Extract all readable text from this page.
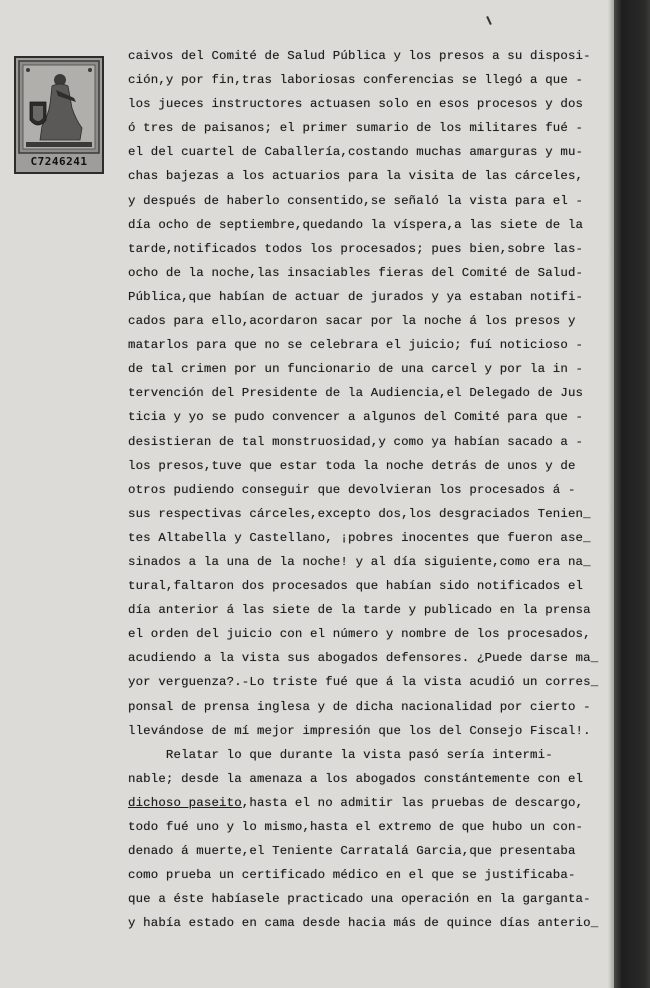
C7246241
caivos del Comité de Salud Pública y los presos a su disposi-
ción,y por fin,tras laboriosas conferencias se llegó a que -
los jueces instructores actuasen solo en esos procesos y dos
ó tres de paisanos; el primer sumario de los militares fué -
el del cuartel de Caballería,costando muchas amarguras y mu-
chas bajezas a los actuarios para la visita de las cárceles,
y después de haberlo consentido,se señaló la vista para el -
día ocho de septiembre,quedando la víspera,a las siete de la
tarde,notificados todos los procesados; pues bien,sobre las-
ocho de la noche,las insaciables fieras del Comité de Salud-
Pública,que habían de actuar de jurados y ya estaban notifi-
cados para ello,acordaron sacar por la noche á los presos y
matarlos para que no se celebrara el juicio; fuí noticioso -
de tal crimen por un funcionario de una carcel y por la in -
tervención del Presidente de la Audiencia,el Delegado de Jus
ticia y yo se pudo convencer a algunos del Comité para que -
desistieran de tal monstruosidad,y como ya habían sacado a -
los presos,tuve que estar toda la noche detrás de unos y de
otros pudiendo conseguir que devolvieran los procesados á -
sus respectivas cárceles,excepto dos,los desgraciados Tenien_
tes Altabella y Castellano, ¡pobres inocentes que fueron ase_
sinados a la una de la noche! y al día siguiente,como era na_
tural,faltaron dos procesados que habían sido notificados el
día anterior á las siete de la tarde y publicado en la prensa
el orden del juicio con el número y nombre de los procesados,
acudiendo a la vista sus abogados defensores. ¿Puede darse ma_
yor verguenza?.-Lo triste fué que á la vista acudió un corres_
ponsal de prensa inglesa y de dicha nacionalidad por cierto -
llevándose de mí mejor impresión que los del Consejo Fiscal!.
Relatar lo que durante la vista pasó sería intermi-
nable; desde la amenaza a los abogados constántemente con el
dichoso paseito,hasta el no admitir las pruebas de descargo,
todo fué uno y lo mismo,hasta el extremo de que hubo un con-
denado á muerte,el Teniente Carratalá Garcia,que presentaba
como prueba un certificado médico en el que se justificaba-
que a éste habíasele practicado una operación en la garganta-
y había estado en cama desde hacia más de quince días anterio_
